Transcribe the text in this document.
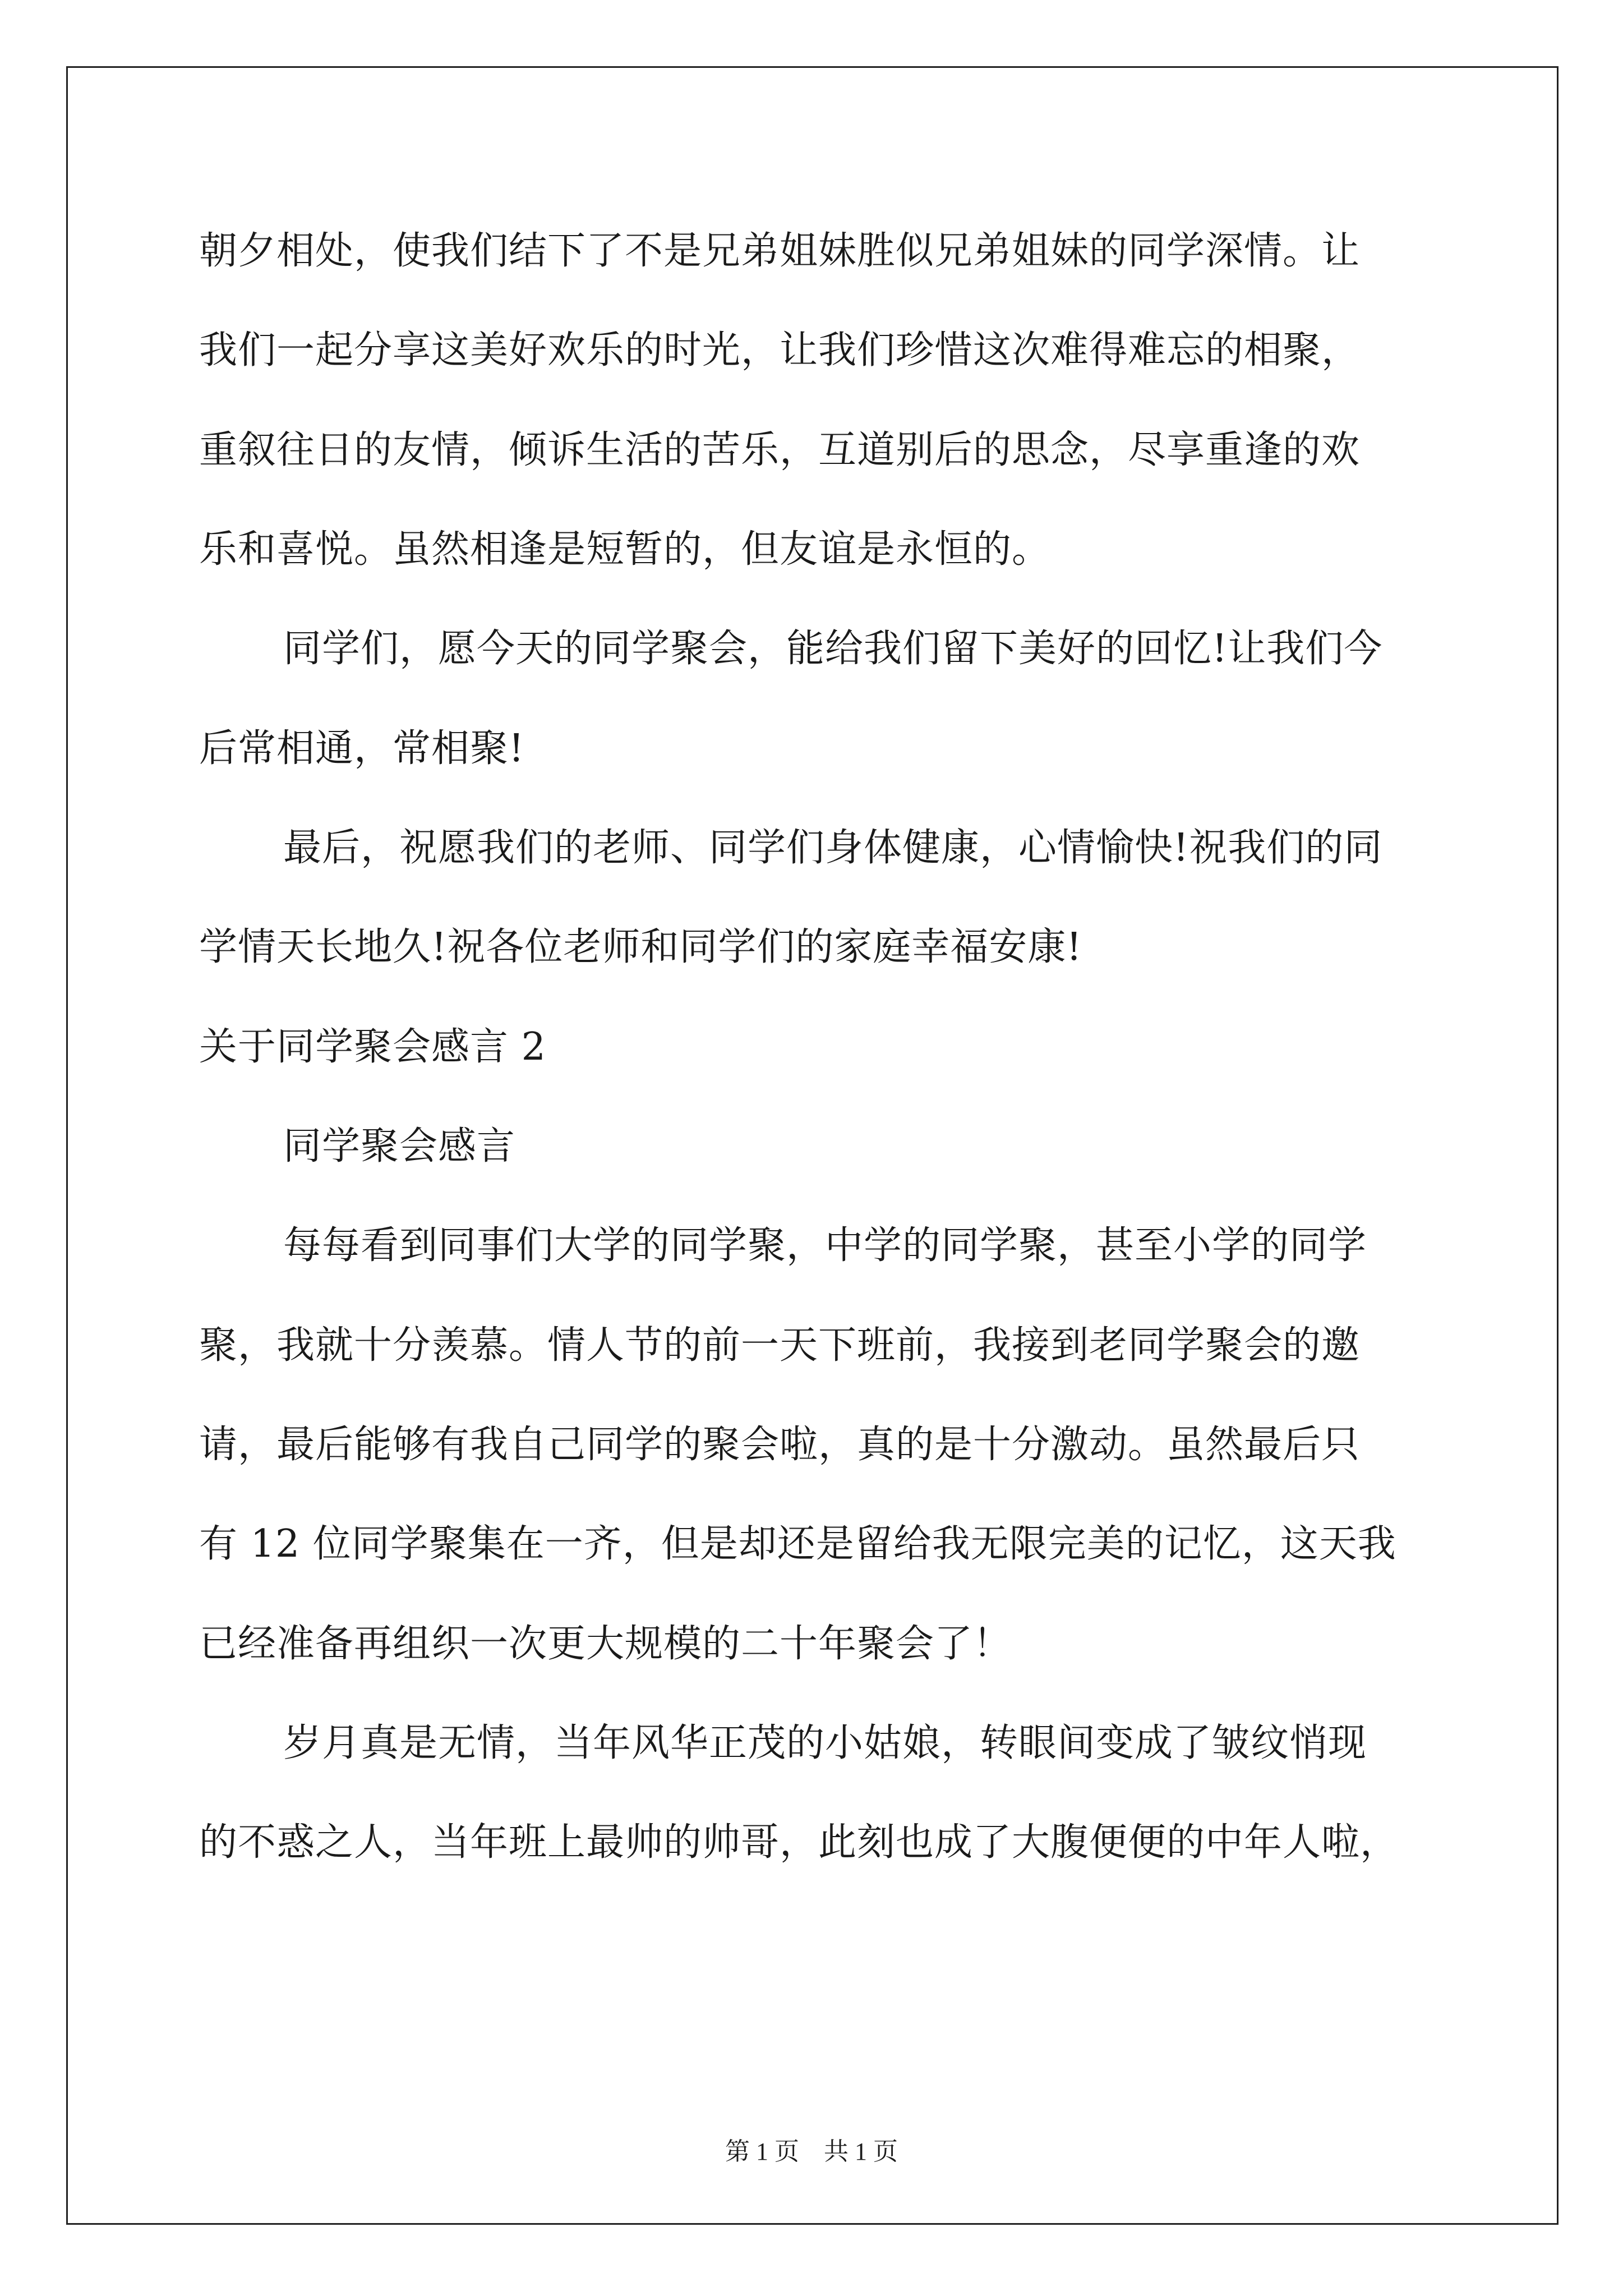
朝夕相处，使我们结下了不是兄弟姐妹胜似兄弟姐妹的同学深情。让
我们一起分享这美好欢乐的时光，让我们珍惜这次难得难忘的相聚，
重叙往日的友情，倾诉生活的苦乐，互道别后的思念，尽享重逢的欢
乐和喜悦。虽然相逢是短暂的，但友谊是永恒的。
同学们，愿今天的同学聚会，能给我们留下美好的回忆!让我们今
后常相通，常相聚!
最后，祝愿我们的老师、同学们身体健康，心情愉快!祝我们的同
学情天长地久!祝各位老师和同学们的家庭幸福安康!
关于同学聚会感言 2
同学聚会感言
每每看到同事们大学的同学聚，中学的同学聚，甚至小学的同学
聚，我就十分羡慕。情人节的前一天下班前，我接到老同学聚会的邀
请，最后能够有我自己同学的聚会啦，真的是十分激动。虽然最后只
有 12 位同学聚集在一齐，但是却还是留给我无限完美的记忆，这天我
已经准备再组织一次更大规模的二十年聚会了！
岁月真是无情，当年风华正茂的小姑娘，转眼间变成了皱纹悄现
的不惑之人，当年班上最帅的帅哥，此刻也成了大腹便便的中年人啦，
第 1 页　共 1 页
